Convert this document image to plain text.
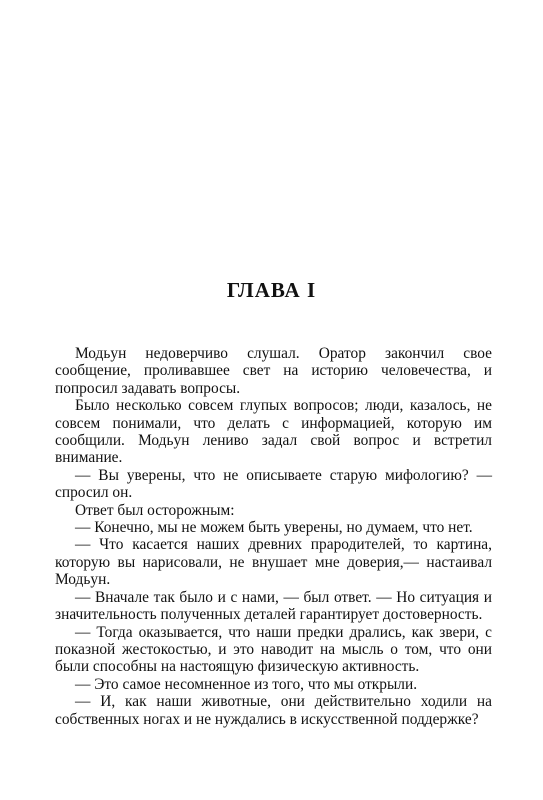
ГЛАВА I

Модьун недоверчиво слушал. Оратор закончил свое сообщение, проливавшее свет на историю человечества, и попросил задавать вопросы.

Было несколько совсем глупых вопросов; люди, казалось, не совсем понимали, что делать с информацией, которую им сообщили. Модьун лениво задал свой вопрос и встретил внимание.

— Вы уверены, что не описываете старую мифологию? — спросил он.

Ответ был осторожным:

— Конечно, мы не можем быть уверены, но думаем, что нет.

— Что касается наших древних прародителей, то картина, которую вы нарисовали, не внушает мне доверия,— настаивал Модьун.

— Вначале так было и с нами, — был ответ. — Но ситуация и значительность полученных деталей гарантирует достоверность.

— Тогда оказывается, что наши предки дрались, как звери, с показной жестокостью, и это наводит на мысль о том, что они были способны на настоящую физическую активность.

— Это самое несомненное из того, что мы открыли.

— И, как наши животные, они действительно ходили на собственных ногах и не нуждались в искусственной поддержке?
